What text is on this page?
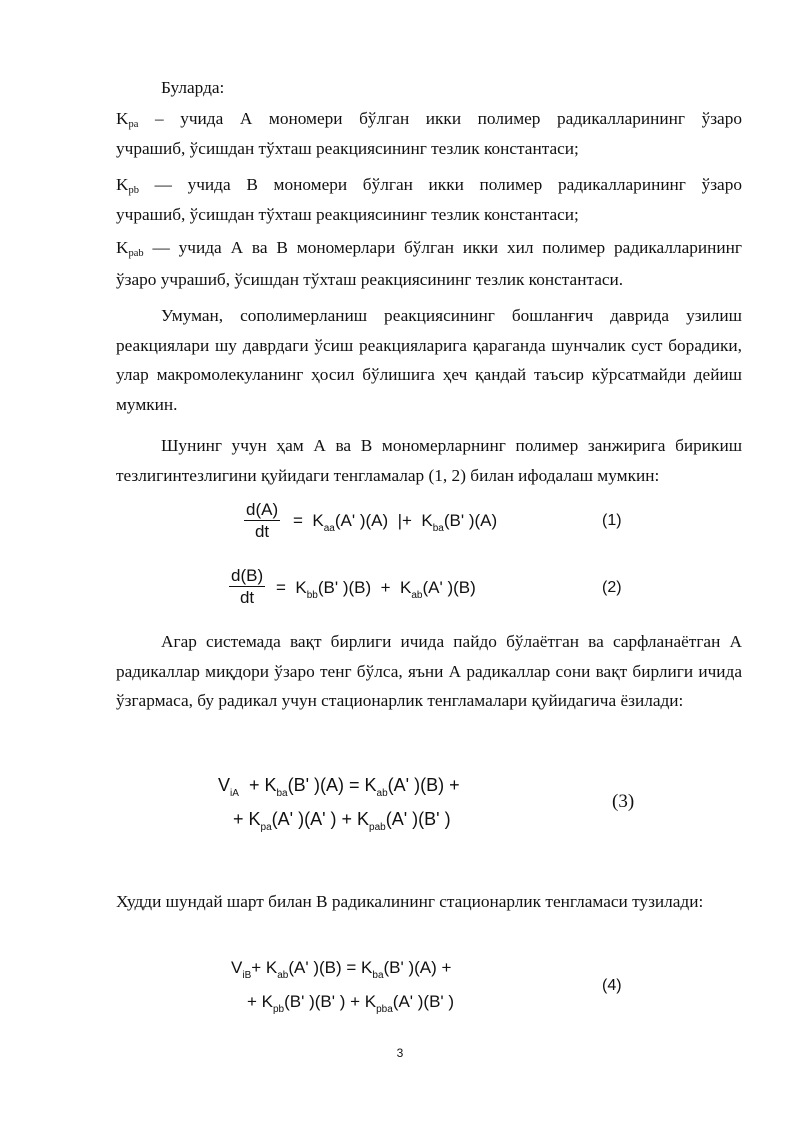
Буларда:
$K_{pa}$ – учида А мономери бўлган икки полимер радикалларининг ўзаро
учрашиб, ўсишдан тўхташ реакциясининг тезлик константаси;
$K_{pb}$ — учида В мономери бўлган икки полимер радикалларининг ўзаро
учрашиб, ўсишдан тўхташ реакциясининг тезлик константаси;
$K_{pab}$ — учида А ва В мономерлари бўлган икки хил полимер радикалларининг
ўзаро учрашиб, ўсишдан тўхташ реакциясининг тезлик константаси.
Умуман, сополимерланиш реакциясининг бошланғич даврида узилиш реакциялари шу даврдаги ўсиш реакцияларига қараганда шунчалик суст борадики, улар макромолекуланинг ҳосил бўлишига ҳеч қандай таъсир кўрсатмайди дейиш мумкин.
Шунинг учун ҳам А ва В мономерларнинг полимер занжирига бирикиш тезлигинтезлигини қуйидаги тенгламалар (1, 2) билан ифодалаш мумкин:
$\frac{d(A)}{dt} = K_{aa}(A'$ )(A) |+ $K_{ba}(B'$ )(A)	(1)
$\frac{d(B)}{dt} = K_{bb}(B'$ )$(B) + K_{ab}(A'$ )(B)	(2)
Агар системада вақт бирлиги ичида пайдо бўлаётган ва сарфланаётган А радикаллар миқдори ўзаро тенг бўлса, яъни А радикаллар сони вақт бирлиги ичида ўзгармаса, бу радикал учун стационарлик тенгламалари қуйидагича ёзилади:
$V_{iA} + K_{ba}(B'$ )$(A) = K_{ab}(A'$ )(B) +
+ $K_{pa}(A'$ )(A' ) + $K_{pab}(A'$ )(B' )
(3)
Худди шундай шарт билан В радикалининг стационарлик тенгламаси тузилади:
$V_{iB}+ K_{ab}(A'$ )$(B) = K_{ba}(B'$ )(A) +
+ $K_{pb}(B'$ )(B' ) + $K_{pba}(A'$ )(B' )
(4)
3
